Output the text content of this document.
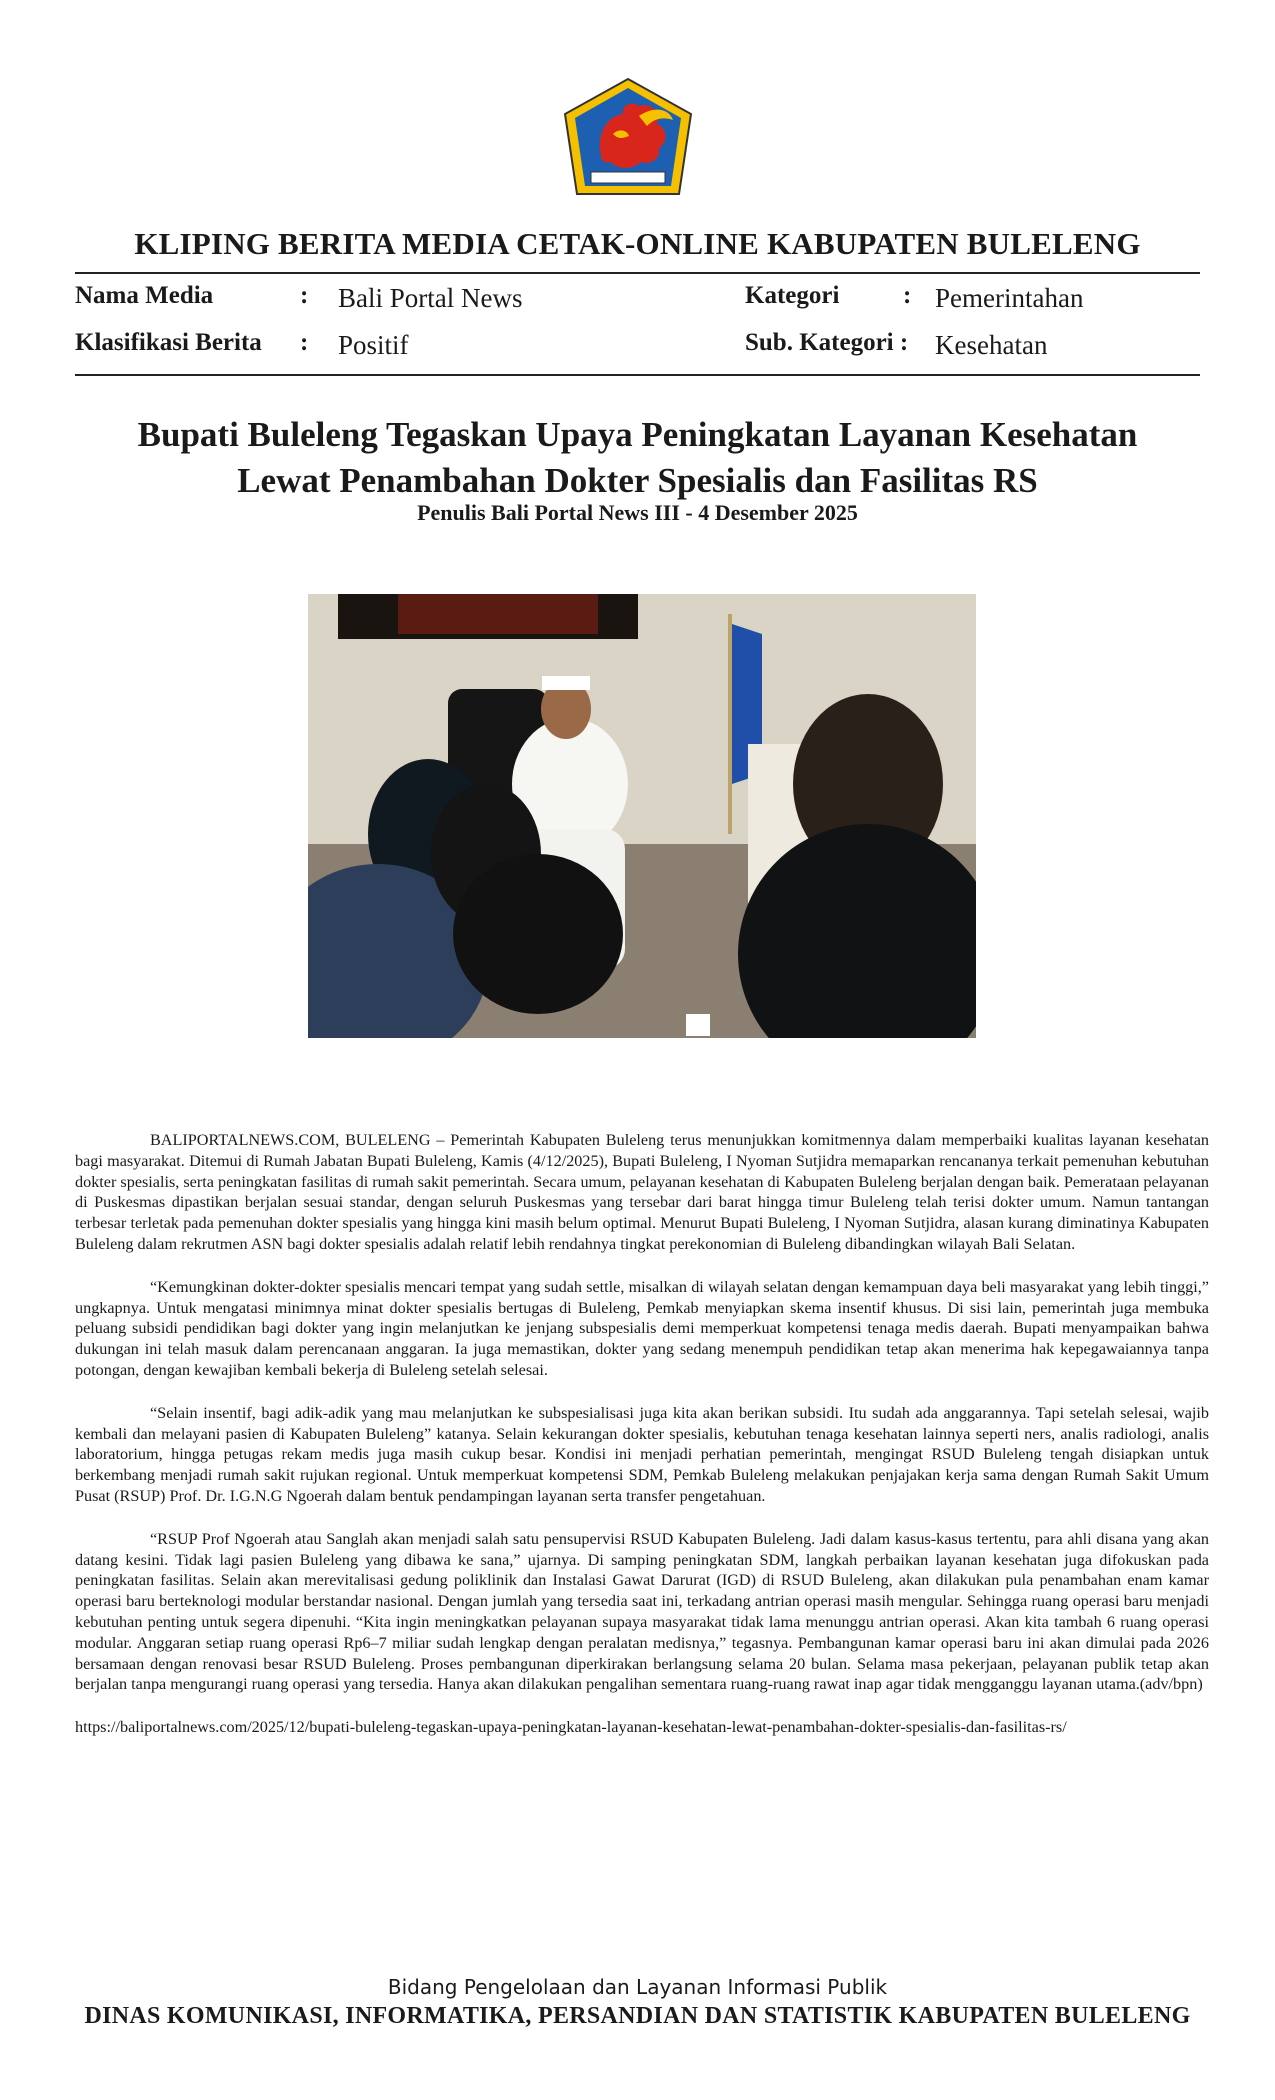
KLIPING BERITA MEDIA CETAK-ONLINE KABUPATEN BULELENG
Nama Media	: Bali Portal News	Kategori	: Pemerintahan
Klasifikasi Berita : Positif	Sub. Kategori : Kesehatan
Bupati Buleleng Tegaskan Upaya Peningkatan Layanan Kesehatan
Lewat Penambahan Dokter Spesialis dan Fasilitas RS
Penulis Bali Portal News III - 4 Desember 2025

BALIPORTALNEWS.COM, BULELENG – Pemerintah Kabupaten Buleleng terus menunjukkan komitmennya dalam memperbaiki kualitas layanan kesehatan bagi masyarakat. Ditemui di Rumah Jabatan Bupati Buleleng, Kamis (4/12/2025), Bupati Buleleng, I Nyoman Sutjidra memaparkan rencananya terkait pemenuhan kebutuhan dokter spesialis, serta peningkatan fasilitas di rumah sakit pemerintah. Secara umum, pelayanan kesehatan di Kabupaten Buleleng berjalan dengan baik. Pemerataan pelayanan di Puskesmas dipastikan berjalan sesuai standar, dengan seluruh Puskesmas yang tersebar dari barat hingga timur Buleleng telah terisi dokter umum. Namun tantangan terbesar terletak pada pemenuhan dokter spesialis yang hingga kini masih belum optimal. Menurut Bupati Buleleng, I Nyoman Sutjidra, alasan kurang diminatinya Kabupaten Buleleng dalam rekrutmen ASN bagi dokter spesialis adalah relatif lebih rendahnya tingkat perekonomian di Buleleng dibandingkan wilayah Bali Selatan.

“Kemungkinan dokter-dokter spesialis mencari tempat yang sudah settle, misalkan di wilayah selatan dengan kemampuan daya beli masyarakat yang lebih tinggi,” ungkapnya. Untuk mengatasi minimnya minat dokter spesialis bertugas di Buleleng, Pemkab menyiapkan skema insentif khusus. Di sisi lain, pemerintah juga membuka peluang subsidi pendidikan bagi dokter yang ingin melanjutkan ke jenjang subspesialis demi memperkuat kompetensi tenaga medis daerah. Bupati menyampaikan bahwa dukungan ini telah masuk dalam perencanaan anggaran. Ia juga memastikan, dokter yang sedang menempuh pendidikan tetap akan menerima hak kepegawaiannya tanpa potongan, dengan kewajiban kembali bekerja di Buleleng setelah selesai.

“Selain insentif, bagi adik-adik yang mau melanjutkan ke subspesialisasi juga kita akan berikan subsidi. Itu sudah ada anggarannya. Tapi setelah selesai, wajib kembali dan melayani pasien di Kabupaten Buleleng” katanya. Selain kekurangan dokter spesialis, kebutuhan tenaga kesehatan lainnya seperti ners, analis radiologi, analis laboratorium, hingga petugas rekam medis juga masih cukup besar. Kondisi ini menjadi perhatian pemerintah, mengingat RSUD Buleleng tengah disiapkan untuk berkembang menjadi rumah sakit rujukan regional. Untuk memperkuat kompetensi SDM, Pemkab Buleleng melakukan penjajakan kerja sama dengan Rumah Sakit Umum Pusat (RSUP) Prof. Dr. I.G.N.G Ngoerah dalam bentuk pendampingan layanan serta transfer pengetahuan.

“RSUP Prof Ngoerah atau Sanglah akan menjadi salah satu pensupervisi RSUD Kabupaten Buleleng. Jadi dalam kasus-kasus tertentu, para ahli disana yang akan datang kesini. Tidak lagi pasien Buleleng yang dibawa ke sana,” ujarnya. Di samping peningkatan SDM, langkah perbaikan layanan kesehatan juga difokuskan pada peningkatan fasilitas. Selain akan merevitalisasi gedung poliklinik dan Instalasi Gawat Darurat (IGD) di RSUD Buleleng, akan dilakukan pula penambahan enam kamar operasi baru berteknologi modular berstandar nasional. Dengan jumlah yang tersedia saat ini, terkadang antrian operasi masih mengular. Sehingga ruang operasi baru menjadi kebutuhan penting untuk segera dipenuhi. “Kita ingin meningkatkan pelayanan supaya masyarakat tidak lama menunggu antrian operasi. Akan kita tambah 6 ruang operasi modular. Anggaran setiap ruang operasi Rp6–7 miliar sudah lengkap dengan peralatan medisnya,” tegasnya. Pembangunan kamar operasi baru ini akan dimulai pada 2026 bersamaan dengan renovasi besar RSUD Buleleng. Proses pembangunan diperkirakan berlangsung selama 20 bulan. Selama masa pekerjaan, pelayanan publik tetap akan berjalan tanpa mengurangi ruang operasi yang tersedia. Hanya akan dilakukan pengalihan sementara ruang-ruang rawat inap agar tidak mengganggu layanan utama.(adv/bpn)

https://baliportalnews.com/2025/12/bupati-buleleng-tegaskan-upaya-peningkatan-layanan-kesehatan-lewat-penambahan-dokter-spesialis-dan-fasilitas-rs/

Bidang Pengelolaan dan Layanan Informasi Publik
DINAS KOMUNIKASI, INFORMATIKA, PERSANDIAN DAN STATISTIK KABUPATEN BULELENG
